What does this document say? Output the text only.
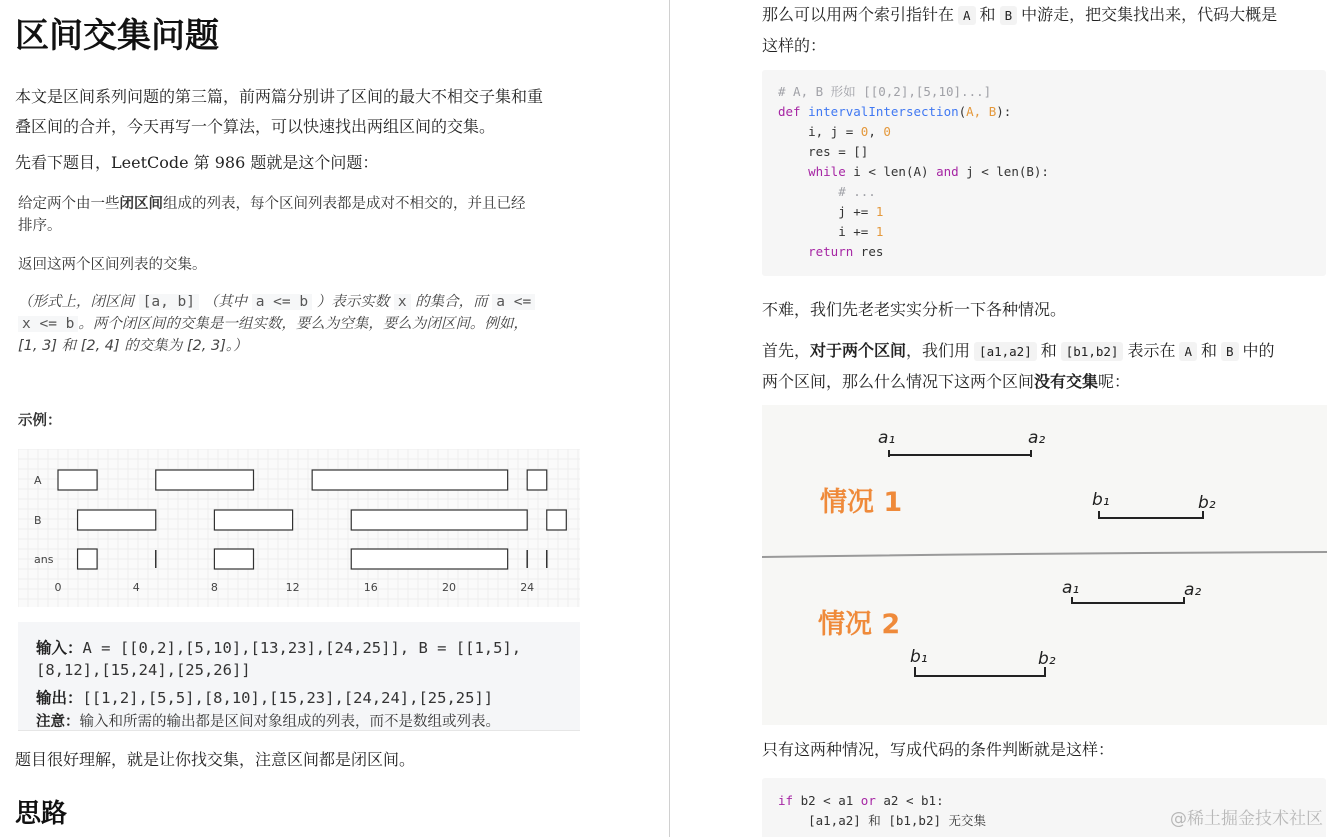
区间交集问题

本文是区间系列问题的第三篇，前两篇分别讲了区间的最大不相交子集和重
叠区间的合并，今天再写一个算法，可以快速找出两组区间的交集。

先看下题目，LeetCode 第 986 题就是这个问题：

给定两个由一些闭区间组成的列表，每个区间列表都是成对不相交的，并且已经
排序。
返回这两个区间列表的交集。
（形式上，闭区间 [a, b] （其中 a <= b ）表示实数 x 的集合，而 a <=
x <= b 。两个闭区间的交集是一组实数，要么为空集，要么为闭区间。例如，
[1, 3] 和 [2, 4] 的交集为 [2, 3]。）
示例：
A
B
ans
0	4	8	12	16	20	24
输入：A = [[0,2],[5,10],[13,23],[24,25]], B = [[1,5],
[8,12],[15,24],[25,26]]
输出：[[1,2],[5,5],[8,10],[15,23],[24,24],[25,25]]
注意：输入和所需的输出都是区间对象组成的列表，而不是数组或列表。

题目很好理解，就是让你找交集，注意区间都是闭区间。

思路

那么可以用两个索引指针在 A 和 B 中游走，把交集找出来，代码大概是
这样的：

# A, B 形如 [[0,2],[5,10]...]
def intervalIntersection(A, B):
i, j = 0, 0
res = []
while i < len(A) and j < len(B):
# ...
j += 1
i += 1
return res

不难，我们先老老实实分析一下各种情况。

首先，对于两个区间，我们用 [a1,a2] 和 [b1,b2] 表示在 A 和 B 中的
两个区间，那么什么情况下这两个区间没有交集呢：

a₁	a₂
情况 1	b₁	b₂
a₁	a₂
情况 2
b₁	b₂

只有这两种情况，写成代码的条件判断就是这样：

if b2 < a1 or a2 < b1:
[a1,a2] 和 [b1,b2] 无交集	@稀土掘金技术社区
